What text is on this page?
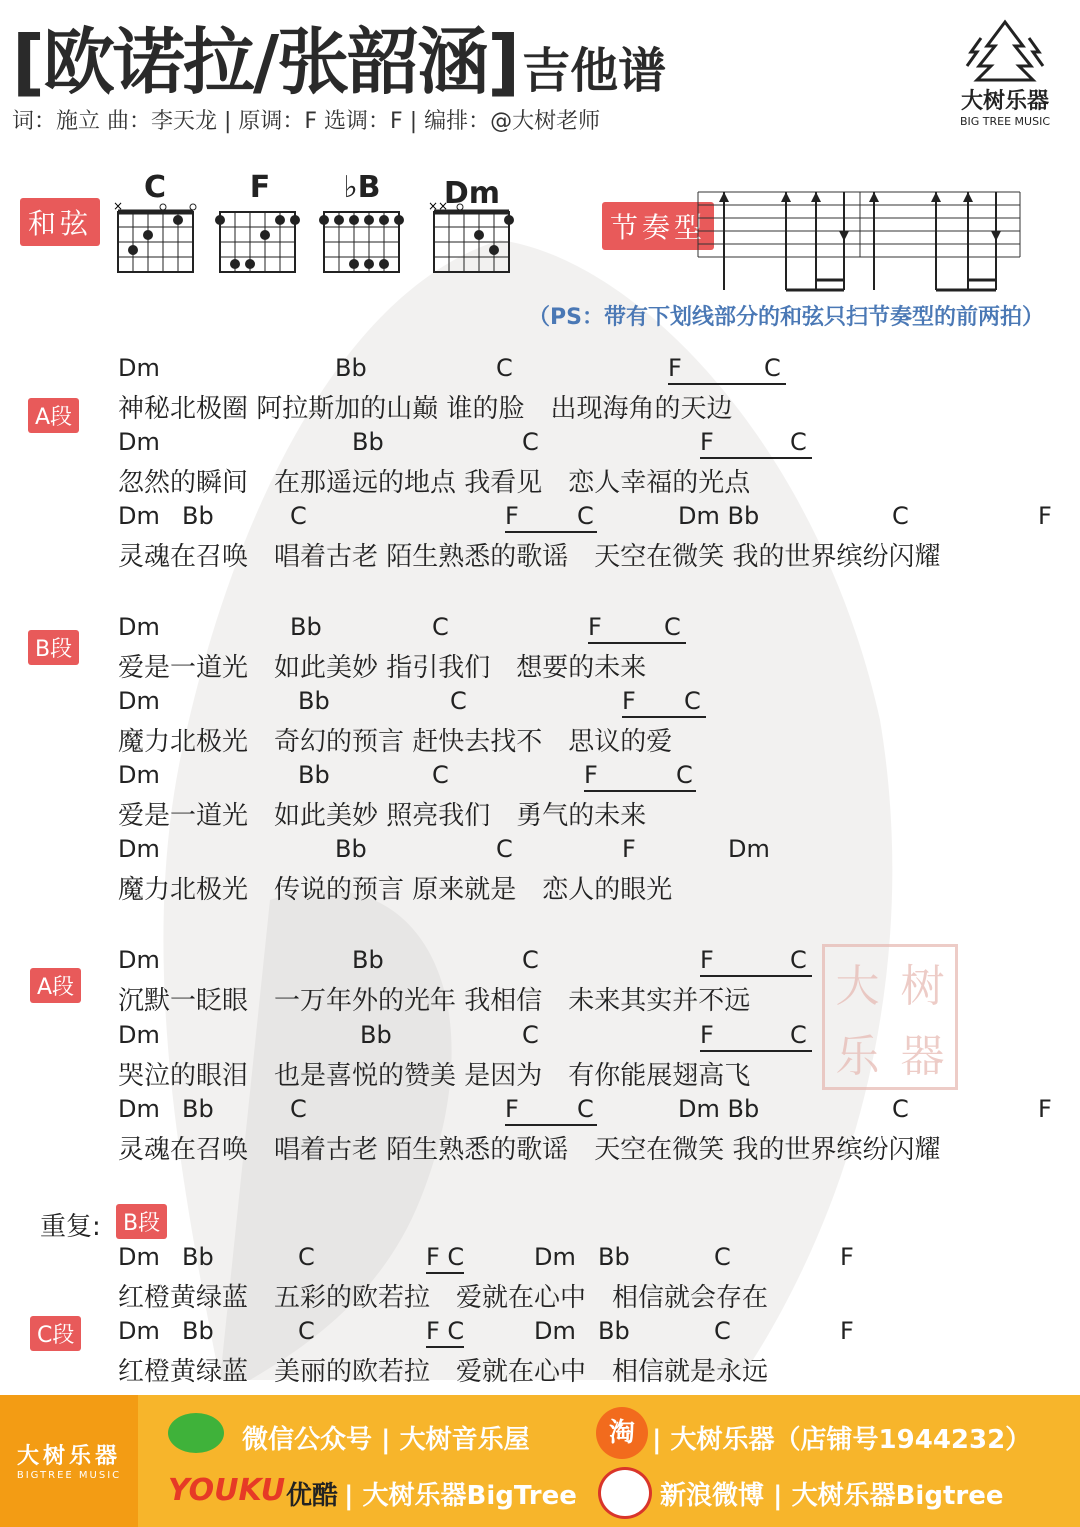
[欧诺拉/张韶涵]吉他谱
词：施立 曲：李天龙 | 原调：F 选调：F | 编排：@大树老师
大树乐器
BIG TREE MUSIC
和弦
C	F	♭B	Dm
×	××
节奏型
（PS：带有下划线部分的和弦只扫节奏型的前两拍）
A段
B段
A段
重复:	B段
C段
Dm	Bb	C	F	C
神秘北极圈 阿拉斯加的山巅 谁的脸　出现海角的天边
Dm	Bb	C	F	C
忽然的瞬间　在那遥远的地点 我看见　恋人幸福的光点
Dm Bb	C	F C	Dm Bb	C	F
灵魂在召唤　唱着古老 陌生熟悉的歌谣　天空在微笑 我的世界缤纷闪耀
Dm	Bb	C	F	C
爱是一道光　如此美妙 指引我们　想要的未来
Dm	Bb	C	F C
魔力北极光　奇幻的预言 赶快去找不　思议的爱
Dm	Bb	C	F	C
爱是一道光　如此美妙 照亮我们　勇气的未来
Dm	Bb	C	F	Dm
魔力北极光　传说的预言 原来就是　恋人的眼光
Dm	Bb	C	F	C
沉默一眨眼　一万年外的光年 我相信　未来其实并不远
Dm	Bb	C	F	C
哭泣的眼泪　也是喜悦的赞美 是因为　有你能展翅高飞
Dm Bb	C	F C	Dm Bb	C	F
灵魂在召唤　唱着古老 陌生熟悉的歌谣　天空在微笑 我的世界缤纷闪耀
Dm Bb	C	F C	Dm Bb	C	F
红橙黄绿蓝　五彩的欧若拉　爱就在心中　相信就会存在
Dm Bb	C	F C	Dm Bb	C	F
红橙黄绿蓝　美丽的欧若拉　爱就在心中　相信就是永远
大 树
乐 器
大树乐器
BIGTREE MUSIC
微信公众号 | 大树音乐屋	淘 | 大树乐器（店铺号1944232）
YOUKU 优酷 | 大树乐器BigTree	新浪微博 | 大树乐器Bigtree
